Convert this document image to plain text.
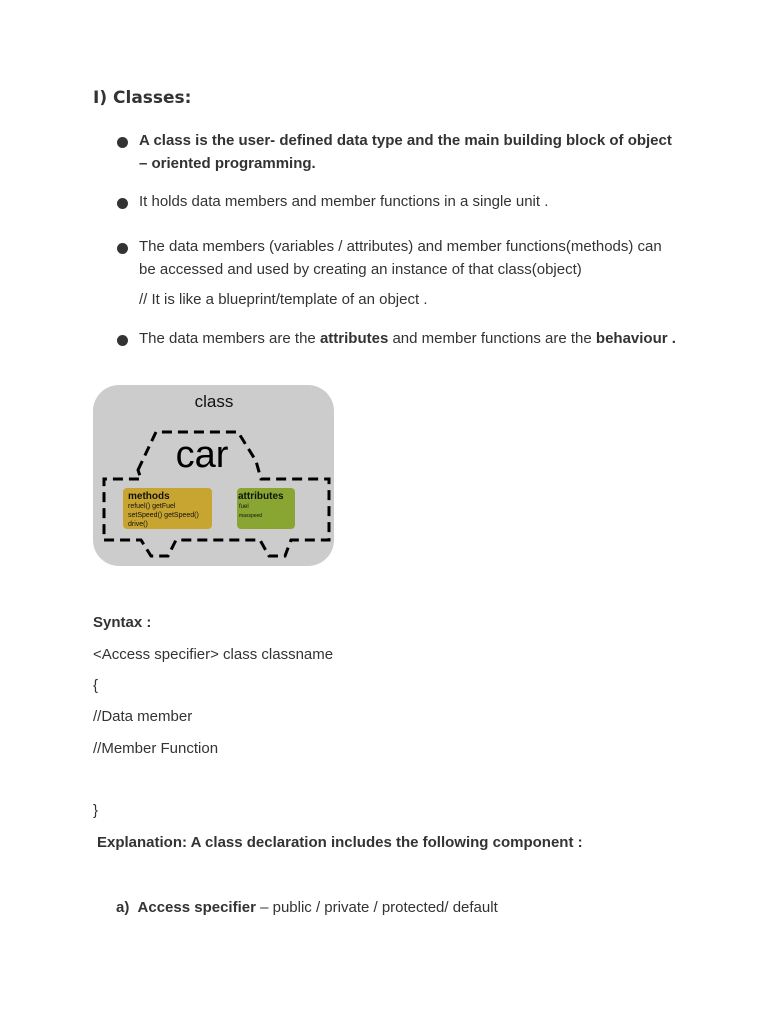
I) Classes:
A class is the user- defined data type and the main building block of object – oriented programming.
It holds data members and member functions in a single unit .
The data members (variables / attributes) and member functions(methods) can be accessed and used by creating an instance of that class(object)
// It is like a blueprint/template of an object .
The data members are the attributes and member functions are the behaviour .
class
car
methods
refuel() getFuel
setSpeed() getSpeed()
drive()
attributes
fuel
maxspeed
Syntax :
<Access specifier> class classname
{
//Data member
//Member Function
}
Explanation: A class declaration includes the following component :
a) Access specifier – public / private / protected/ default
